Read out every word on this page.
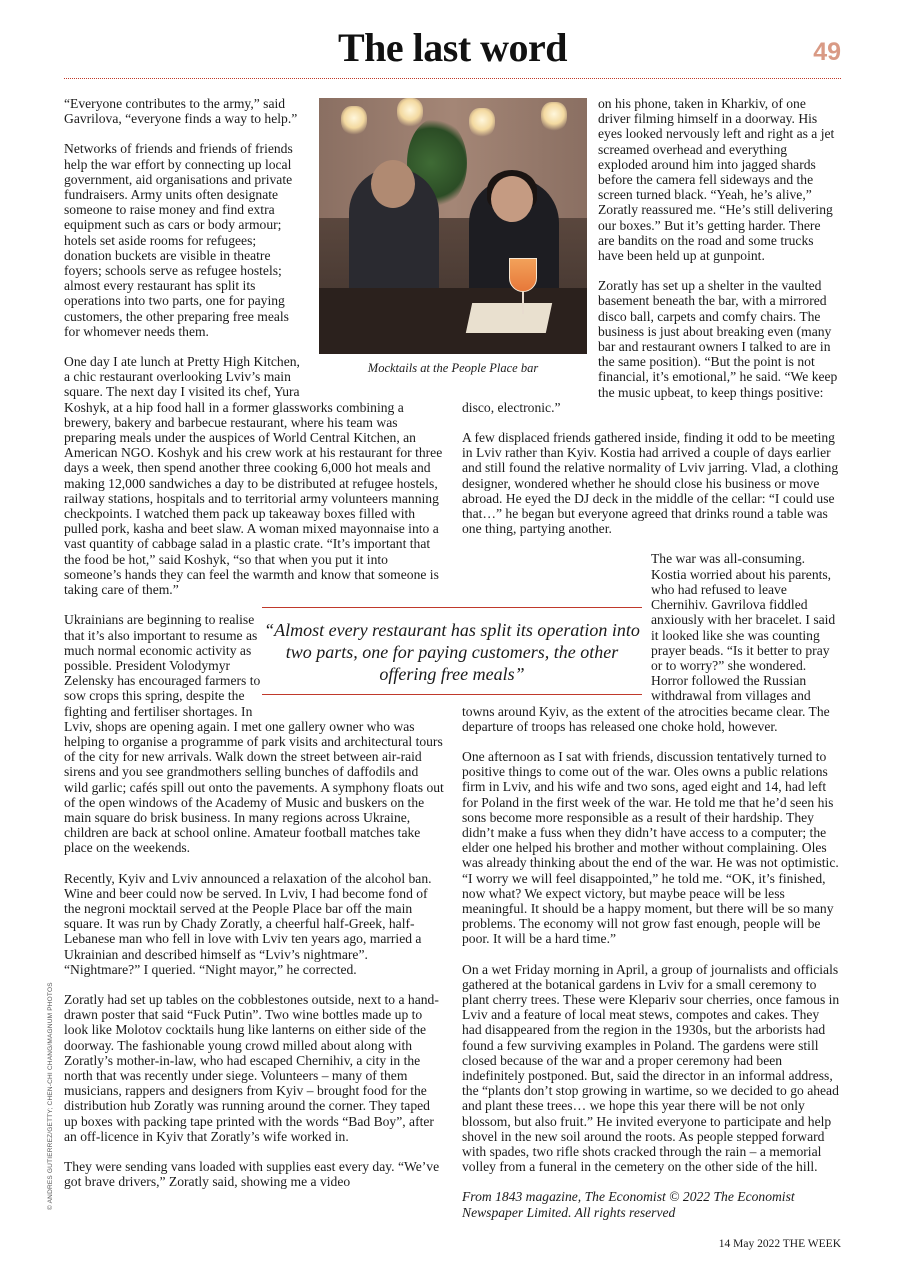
The last word	49
Mocktails at the People Place bar
“Almost every restaurant has split its operation into two parts, one for paying customers, the other offering free meals”
© ANDRES GUTIERREZ/GETTY; CHEN-CHI CHANG/MAGNUM PHOTOS

“Everyone contributes to the army,” said Gavrilova, “everyone finds a way to help.”

Networks of friends and friends of friends help the war effort by connecting up local government, aid organisations and private fundraisers. Army units often designate someone to raise money and find extra equipment such as cars or body armour; hotels set aside rooms for refugees; donation buckets are visible in theatre foyers; schools serve as refugee hostels; almost every restaurant has split its operations into two parts, one for paying customers, the other preparing free meals for whomever needs them.

One day I ate lunch at Pretty High Kitchen, a chic restaurant overlooking Lviv’s main square. The next day I visited its chef, Yura Koshyk, at a hip food hall in a former glassworks combining a brewery, bakery and barbecue restaurant, where his team was preparing meals under the auspices of World Central Kitchen, an American NGO. Koshyk and his crew work at his restaurant for three days a week, then spend another three cooking 6,000 hot meals and making 12,000 sandwiches a day to be distributed at refugee hostels, railway stations, hospitals and to territorial army volunteers manning checkpoints. I watched them pack up takeaway boxes filled with pulled pork, kasha and beet slaw. A woman mixed mayonnaise into a vast quantity of cabbage salad in a plastic crate. “It’s important that the food be hot,” said Koshyk, “so that when you put it into someone’s hands they can feel the warmth and know that someone is taking care of them.”

Ukrainians are beginning to realise that it’s also important to resume as much normal economic activity as possible. President Volodymyr Zelensky has encouraged farmers to sow crops this spring, despite the fighting and fertiliser shortages. In Lviv, shops are opening again. I met one gallery owner who was helping to organise a programme of park visits and architectural tours of the city for new arrivals. Walk down the street between air-raid sirens and you see grandmothers selling bunches of daffodils and wild garlic; cafés spill out onto the pavements. A symphony floats out of the open windows of the Academy of Music and buskers on the main square do brisk business. In many regions across Ukraine, children are back at school online. Amateur football matches take place on the weekends.

Recently, Kyiv and Lviv announced a relaxation of the alcohol ban. Wine and beer could now be served. In Lviv, I had become fond of the negroni mocktail served at the People Place bar off the main square. It was run by Chady Zoratly, a cheerful half-Greek, half-Lebanese man who fell in love with Lviv ten years ago, married a Ukrainian and described himself as “Lviv’s nightmare”. “Nightmare?” I queried. “Night mayor,” he corrected.

Zoratly had set up tables on the cobblestones outside, next to a hand-drawn poster that said “Fuck Putin”. Two wine bottles made up to look like Molotov cocktails hung like lanterns on either side of the doorway. The fashionable young crowd milled about along with Zoratly’s mother-in-law, who had escaped Chernihiv, a city in the north that was recently under siege. Volunteers – many of them musicians, rappers and designers from Kyiv – brought food for the distribution hub Zoratly was running around the corner. They taped up boxes with packing tape printed with the words “Bad Boy”, after an off-licence in Kyiv that Zoratly’s wife worked in.

They were sending vans loaded with supplies east every day. “We’ve got brave drivers,” Zoratly said, showing me a video

on his phone, taken in Kharkiv, of one driver filming himself in a doorway. His eyes looked nervously left and right as a jet screamed overhead and everything exploded around him into jagged shards before the camera fell sideways and the screen turned black. “Yeah, he’s alive,” Zoratly reassured me. “He’s still delivering our boxes.” But it’s getting harder. There are bandits on the road and some trucks have been held up at gunpoint.

Zoratly has set up a shelter in the vaulted basement beneath the bar, with a mirrored disco ball, carpets and comfy chairs. The business is just about breaking even (many bar and restaurant owners I talked to are in the same position). “But the point is not financial, it’s emotional,” he said. “We keep the music upbeat, to keep things positive: disco, electronic.”

A few displaced friends gathered inside, finding it odd to be meeting in Lviv rather than Kyiv. Kostia had arrived a couple of days earlier and still found the relative normality of Lviv jarring. Vlad, a clothing designer, wondered whether he should close his business or move abroad. He eyed the DJ deck in the middle of the cellar: “I could use that…” he began but everyone agreed that drinks round a table was one thing, partying another.

The war was all-consuming. Kostia worried about his parents, who had refused to leave Chernihiv. Gavrilova fiddled anxiously with her bracelet. I said it looked like she was counting prayer beads. “Is it better to pray or to worry?” she wondered. Horror followed the Russian withdrawal from villages and towns around Kyiv, as the extent of the atrocities became clear. The departure of troops has released one choke hold, however.

One afternoon as I sat with friends, discussion tentatively turned to positive things to come out of the war. Oles owns a public relations firm in Lviv, and his wife and two sons, aged eight and 14, had left for Poland in the first week of the war. He told me that he’d seen his sons become more responsible as a result of their hardship. They didn’t make a fuss when they didn’t have access to a computer; the elder one helped his brother and mother without complaining. Oles was already thinking about the end of the war. He was not optimistic. “I worry we will feel disappointed,” he told me. “OK, it’s finished, now what? We expect victory, but maybe peace will be less meaningful. It should be a happy moment, but there will be so many problems. The economy will not grow fast enough, people will be poor. It will be a hard time.”

On a wet Friday morning in April, a group of journalists and officials gathered at the botanical gardens in Lviv for a small ceremony to plant cherry trees. These were Klepariv sour cherries, once famous in Lviv and a feature of local meat stews, compotes and cakes. They had disappeared from the region in the 1930s, but the arborists had found a few surviving examples in Poland. The gardens were still closed because of the war and a proper ceremony had been indefinitely postponed. But, said the director in an informal address, the “plants don’t stop growing in wartime, so we decided to go ahead and plant these trees… we hope this year there will be not only blossom, but also fruit.” He invited everyone to participate and help shovel in the new soil around the roots. As people stepped forward with spades, two rifle shots cracked through the rain – a memorial volley from a funeral in the cemetery on the other side of the hill.

From 1843 magazine, The Economist © 2022 The Economist Newspaper Limited. All rights reserved

14 May 2022 THE WEEK
